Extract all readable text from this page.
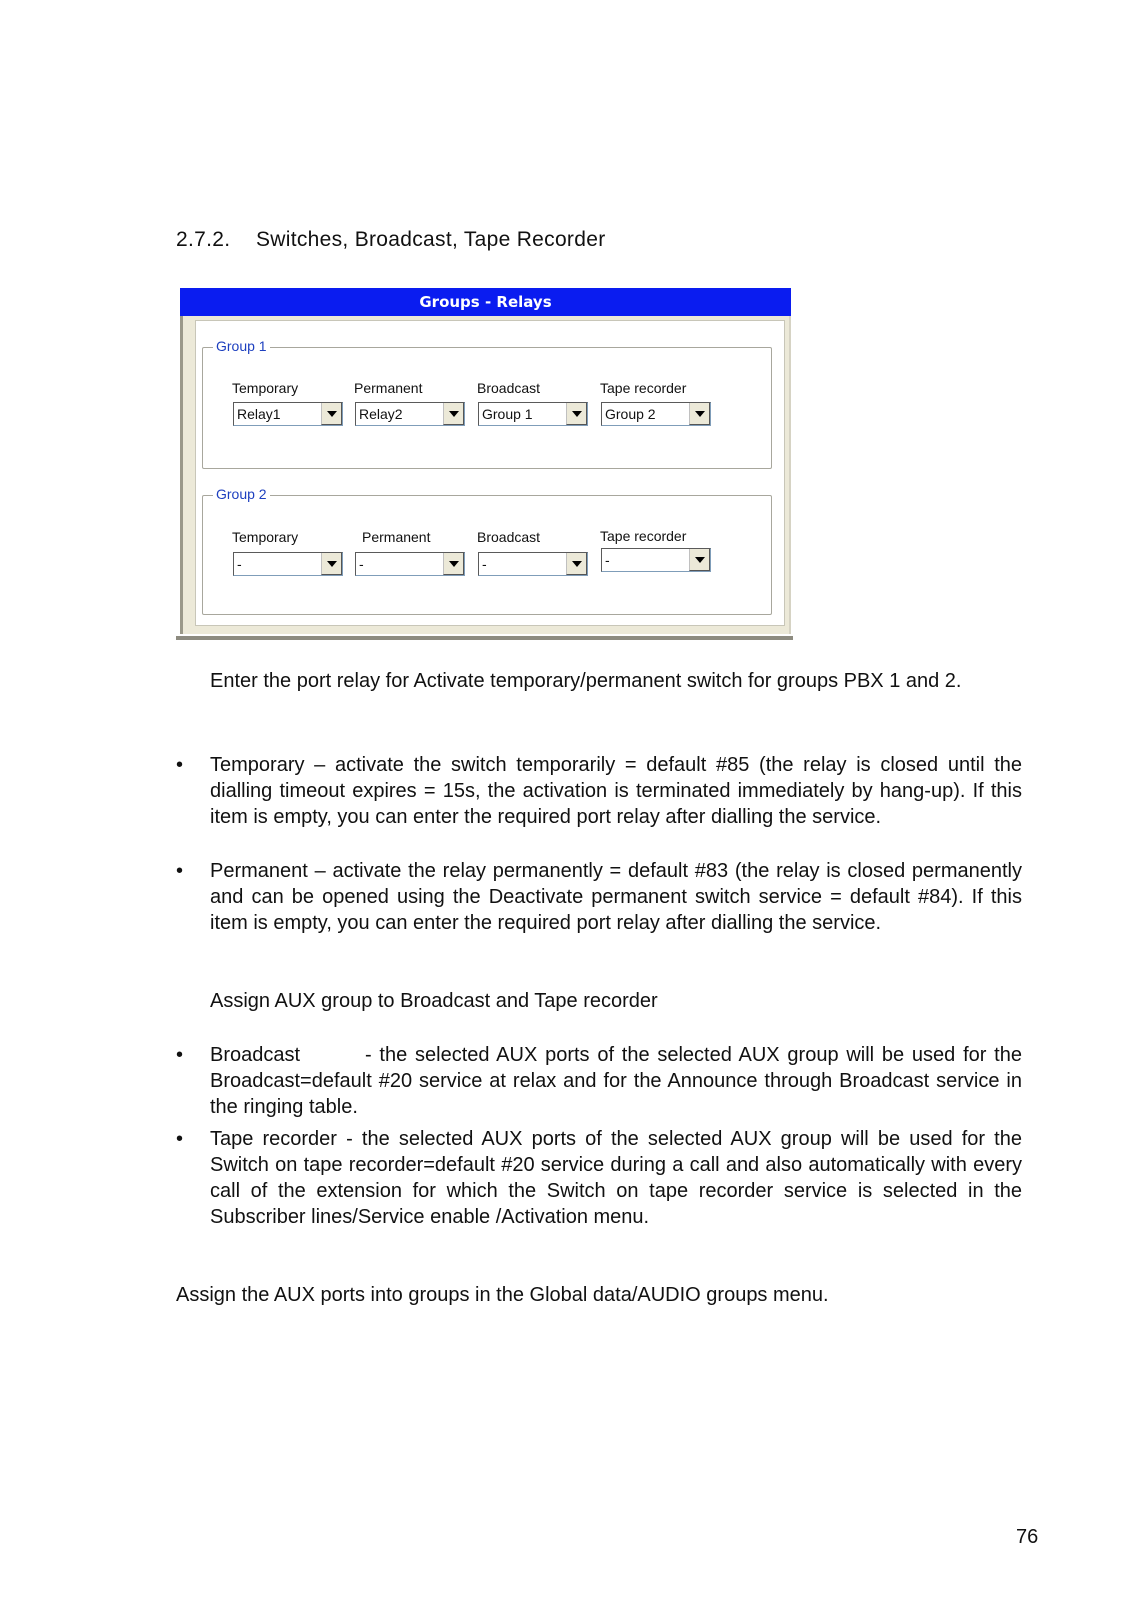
2.7.2. Switches, Broadcast, Tape Recorder
Groups - Relays
Group 1
Temporary	Permanent	Broadcast	Tape recorder
Relay1	Relay2	Group 1	Group 2
Group 2
Temporary	Permanent	Broadcast	Tape recorder
-	-	-	-
Enter the port relay for Activate temporary/permanent switch for groups PBX 1 and 2.
• Temporary – activate the switch temporarily = default #85 (the relay is closed until the dialling timeout expires = 15s, the activation is terminated immediately by hang-up). If this item is empty, you can enter the required port relay after dialling the service.
• Permanent – activate the relay permanently = default #83 (the relay is closed permanently and can be opened using the Deactivate permanent switch service = default #84). If this item is empty, you can enter the required port relay after dialling the service.
Assign AUX group to Broadcast and Tape recorder
• Broadcast	- the selected AUX ports of the selected AUX group will be used for the Broadcast=default #20 service at relax and for the Announce through Broadcast service in the ringing table.
• Tape recorder - the selected AUX ports of the selected AUX group will be used for the Switch on tape recorder=default #20 service during a call and also automatically with every call of the extension for which the Switch on tape recorder service is selected in the Subscriber lines/Service enable /Activation menu.
Assign the AUX ports into groups in the Global data/AUDIO groups menu.
76
